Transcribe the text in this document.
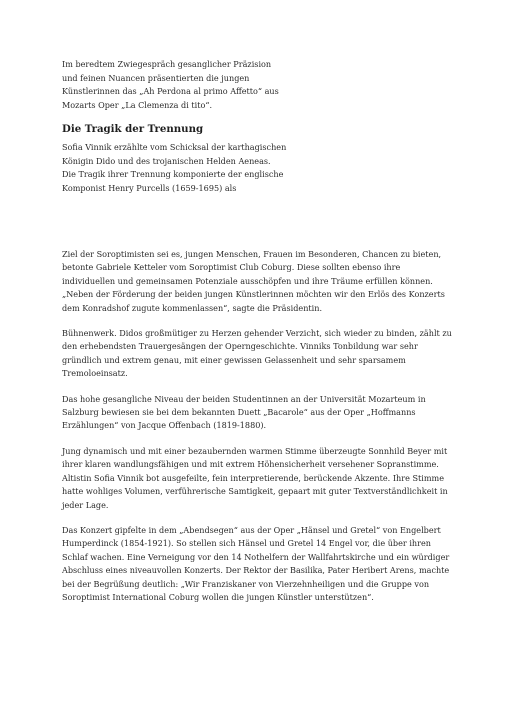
Im beredtem Zwiegespräch gesanglicher Präzision und feinen Nuancen präsentierten die jungen Künstlerinnen das „Ah Perdona al primo Affetto“ aus Mozarts Oper „La Clemenza di tito“.

Die Tragik der Trennung

Sofia Vinnik erzählte vom Schicksal der karthagischen Königin Dido und des trojanischen Helden Aeneas. Die Tragik ihrer Trennung komponierte der englische Komponist Henry Purcells (1659-1695) als

Ziel der Soroptimisten sei es, jungen Menschen, Frauen im Besonderen, Chancen zu bieten, betonte Gabriele Ketteler vom Soroptimist Club Coburg. Diese sollten ebenso ihre individuellen und gemeinsamen Potenziale ausschöpfen und ihre Träume erfüllen können. „Neben der Förderung der beiden jungen Künstlerinnen möchten wir den Erlös des Konzerts dem Konradshof zugute kommenlassen“, sagte die Präsidentin.

Bühnenwerk. Didos großmütiger zu Herzen gehender Verzicht, sich wieder zu binden, zählt zu den erhebendsten Trauergesängen der Operngeschichte. Vinniks Tonbildung war sehr gründlich und extrem genau, mit einer gewissen Gelassenheit und sehr sparsamem Tremoloeinsatz.

Das hohe gesangliche Niveau der beiden Studentinnen an der Universität Mozarteum in Salzburg bewiesen sie bei dem bekannten Duett „Bacarole“ aus der Oper „Hoffmanns Erzählungen“ von Jacque Offenbach (1819-1880).

Jung dynamisch und mit einer bezaubernden warmen Stimme überzeugte Sonnhild Beyer mit ihrer klaren wandlungsfähigen und mit extrem Höhensicherheit versehener Sopranstimme. Altistin Sofia Vinnik bot ausgefeilte, fein interpretierende, berückende Akzente. Ihre Stimme hatte wohliges Volumen, verführerische Samtigkeit, gepaart mit guter Textverständlichkeit in jeder Lage.

Das Konzert gipfelte in dem „Abendsegen“ aus der Oper „Hänsel und Gretel“ von Engelbert Humperdinck (1854-1921). So stellen sich Hänsel und Gretel 14 Engel vor, die über ihren Schlaf wachen. Eine Verneigung vor den 14 Nothelfern der Wallfahrtskirche und ein würdiger Abschluss eines niveauvollen Konzerts. Der Rektor der Basilika, Pater Heribert Arens, machte bei der Begrüßung deutlich: „Wir Franziskaner von Vierzehnheiligen und die Gruppe von Soroptimist International Coburg wollen die jungen Künstler unterstützen“.
